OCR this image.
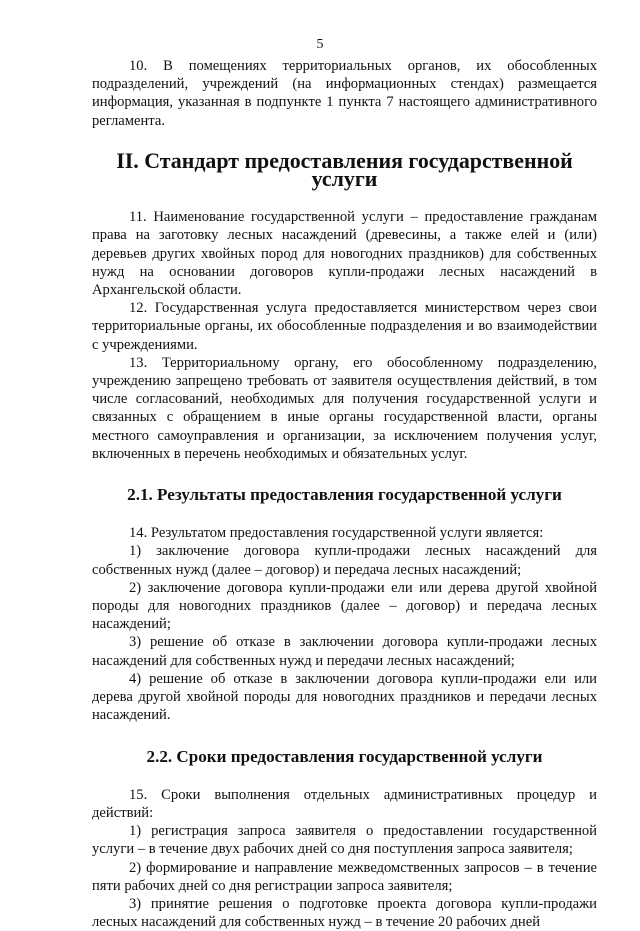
5

10. В помещениях территориальных органов, их обособленных подразделений, учреждений (на информационных стендах) размещается информация, указанная в подпункте 1 пункта 7 настоящего административного регламента.

II. Стандарт предоставления государственной услуги

11. Наименование государственной услуги – предоставление гражданам права на заготовку лесных насаждений (древесины, а также елей и (или) деревьев других хвойных пород для новогодних праздников) для собственных нужд на основании договоров купли-продажи лесных насаждений в Архангельской области.

12. Государственная услуга предоставляется министерством через свои территориальные органы, их обособленные подразделения и во взаимодействии с учреждениями.

13. Территориальному органу, его обособленному подразделению, учреждению запрещено требовать от заявителя осуществления действий, в том числе согласований, необходимых для получения государственной услуги и связанных с обращением в иные органы государственной власти, органы местного самоуправления и организации, за исключением получения услуг, включенных в перечень необходимых и обязательных услуг.

2.1. Результаты предоставления государственной услуги

14. Результатом предоставления государственной услуги является:

1) заключение договора купли-продажи лесных насаждений для собственных нужд (далее – договор) и передача лесных насаждений;

2) заключение договора купли-продажи ели или дерева другой хвойной породы для новогодних праздников (далее – договор) и передача лесных насаждений;

3) решение об отказе в заключении договора купли-продажи лесных насаждений для собственных нужд и передачи лесных насаждений;

4) решение об отказе в заключении договора купли-продажи ели или дерева другой хвойной породы для новогодних праздников и передачи лесных насаждений.

2.2. Сроки предоставления государственной услуги

15. Сроки выполнения отдельных административных процедур и действий:

1) регистрация запроса заявителя о предоставлении государственной услуги – в течение двух рабочих дней со дня поступления запроса заявителя;

2) формирование и направление межведомственных запросов – в течение пяти рабочих дней со дня регистрации запроса заявителя;

3) принятие решения о подготовке проекта договора купли-продажи лесных насаждений для собственных нужд – в течение 20 рабочих дней
